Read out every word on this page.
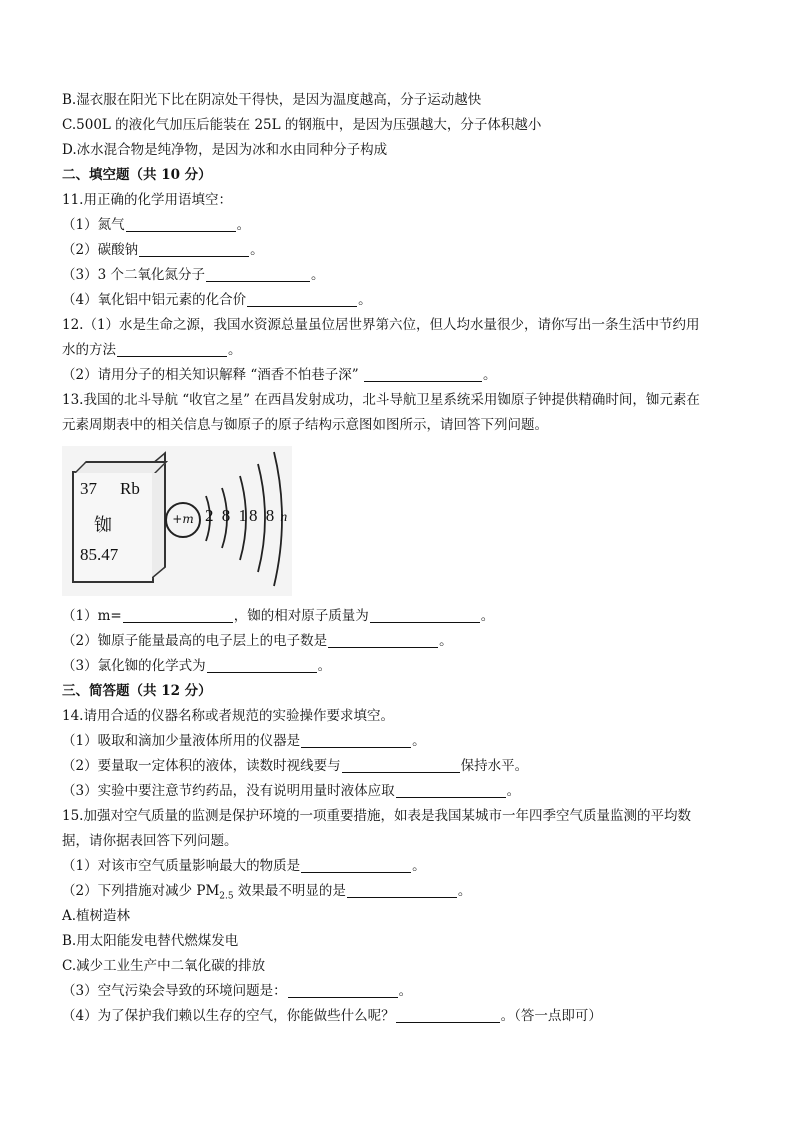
B.湿衣服在阳光下比在阴凉处干得快，是因为温度越高，分子运动越快
C.500L 的液化气加压后能装在 25L 的钢瓶中，是因为压强越大，分子体积越小
D.冰水混合物是纯净物，是因为冰和水由同种分子构成
二、填空题（共 10 分）
11.用正确的化学用语填空：
（1）氮气	。
（2）碳酸钠	。
（3）3 个二氧化氮分子	。
（4）氧化铝中铝元素的化合价	。
12.（1）水是生命之源，我国水资源总量虽位居世界第六位，但人均水量很少，请你写出一条生活中节约用
水的方法	。
（2）请用分子的相关知识解释 “酒香不怕巷子深”	。
13.我国的北斗导航 “收官之星” 在西昌发射成功，北斗导航卫星系统采用铷原子钟提供精确时间，铷元素在
元素周期表中的相关信息与铷原子的原子结构示意图如图所示，请回答下列问题。
37 Rb
铷
85.47
+m 2 8 18 8 n
（1）m=	，铷的相对原子质量为	。
（2）铷原子能量最高的电子层上的电子数是	。
（3）氯化铷的化学式为	。
三、简答题（共 12 分）
14.请用合适的仪器名称或者规范的实验操作要求填空。
（1）吸取和滴加少量液体所用的仪器是	。
（2）要量取一定体积的液体，读数时视线要与	保持水平。
（3）实验中要注意节约药品，没有说明用量时液体应取	。
15.加强对空气质量的监测是保护环境的一项重要措施，如表是我国某城市一年四季空气质量监测的平均数
据，请你据表回答下列问题。
（1）对该市空气质量影响最大的物质是	。
（2）下列措施对减少 $PM_{2.5}$ 效果最不明显的是	。
A.植树造林
B.用太阳能发电替代燃煤发电
C.减少工业生产中二氧化碳的排放
（3）空气污染会导致的环境问题是：	。
（4）为了保护我们赖以生存的空气，你能做些什么呢？	。（答一点即可）
